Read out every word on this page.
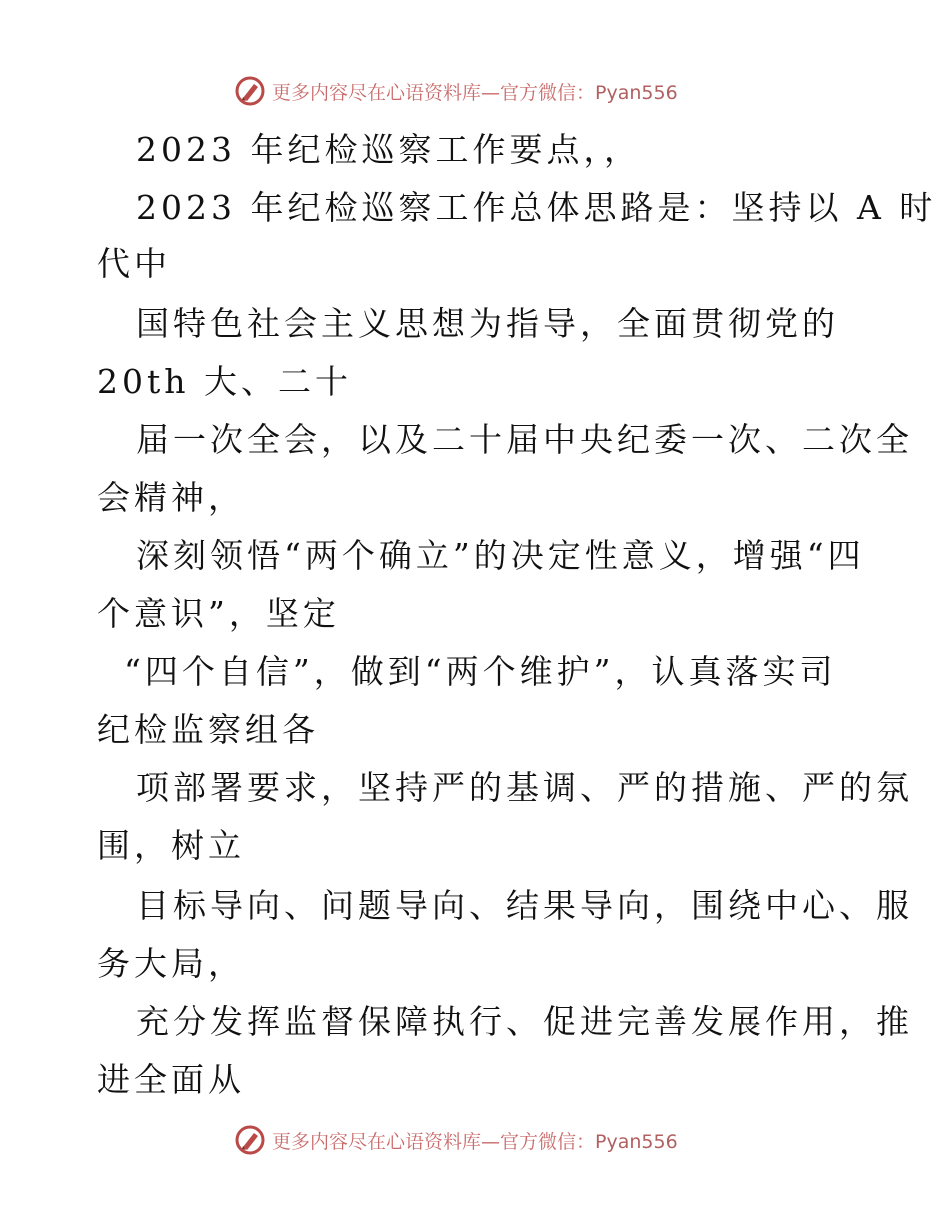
更多内容尽在心语资料库—官方微信：Pyan556
2023 年纪检巡察工作要点，，
2023 年纪检巡察工作总体思路是：坚持以 A 时
代中
国特色社会主义思想为指导，全面贯彻党的
20th 大、二十
届一次全会，以及二十届中央纪委一次、二次全
会精神，
深刻领悟“两个确立”的决定性意义，增强“四
个意识”，坚定
“四个自信”，做到“两个维护”，认真落实司
纪检监察组各
项部署要求，坚持严的基调、严的措施、严的氛
围，树立
目标导向、问题导向、结果导向，围绕中心、服
务大局，
充分发挥监督保障执行、促进完善发展作用，推
进全面从
更多内容尽在心语资料库—官方微信：Pyan556
